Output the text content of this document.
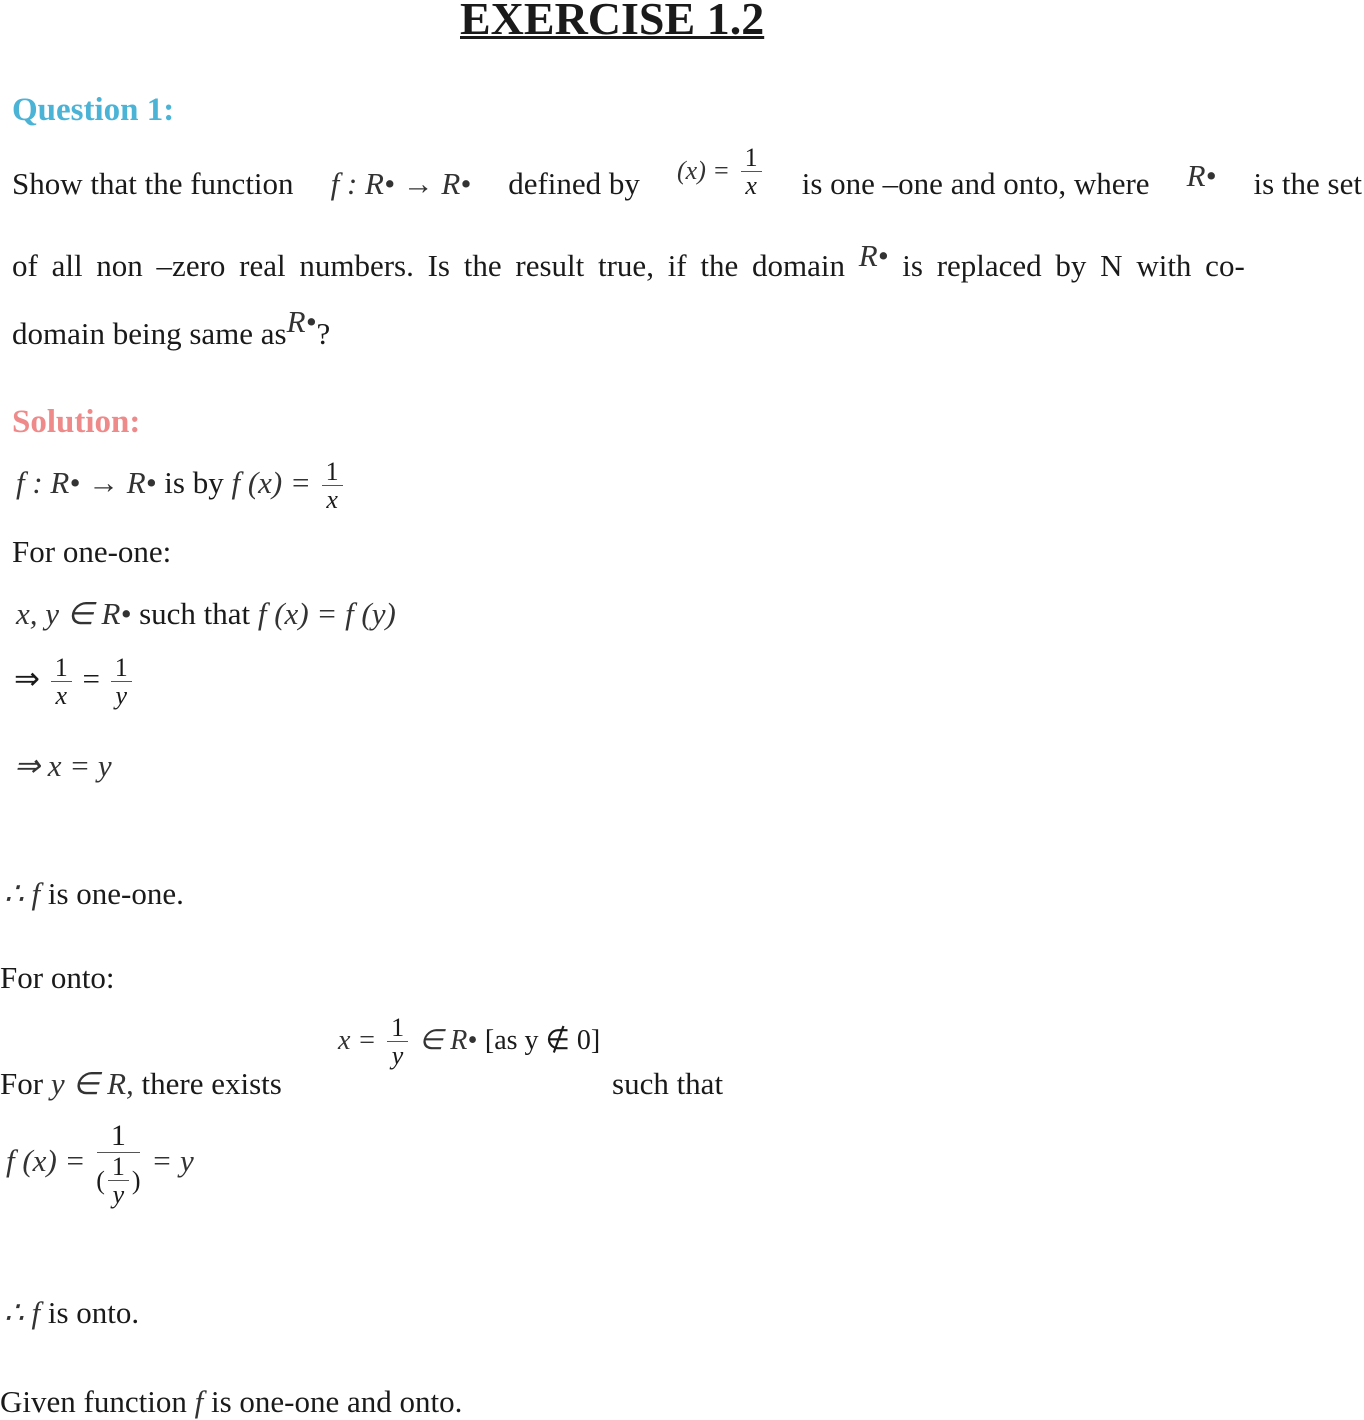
EXERCISE 1.2
Question 1:
Show that the function f : R• → R• defined by $(x) = \frac{1}{x}$ is one –one and onto, where R• is the set
of all non –zero real numbers. Is the result true, if the domain R• is replaced by N with co-
domain being same asR•?
Solution:
f : R• → R• is by f $(x) = \frac{1}{x}$
For one-one:
x, y ∈ R• such that f (x) = f (y)
⇒ $\frac{1}{x} = \frac{1}{y}$
⇒ x = y
∴ f is one-one.
For onto:
For y ∈ R, there exists
$x = \frac{1}{y}$ ∈ R• [as y ∉ 0]
such that
f $(x) = \frac{1}{( \frac{1}{y} )} = y$
∴ f is onto.
Given function f is one-one and onto.
